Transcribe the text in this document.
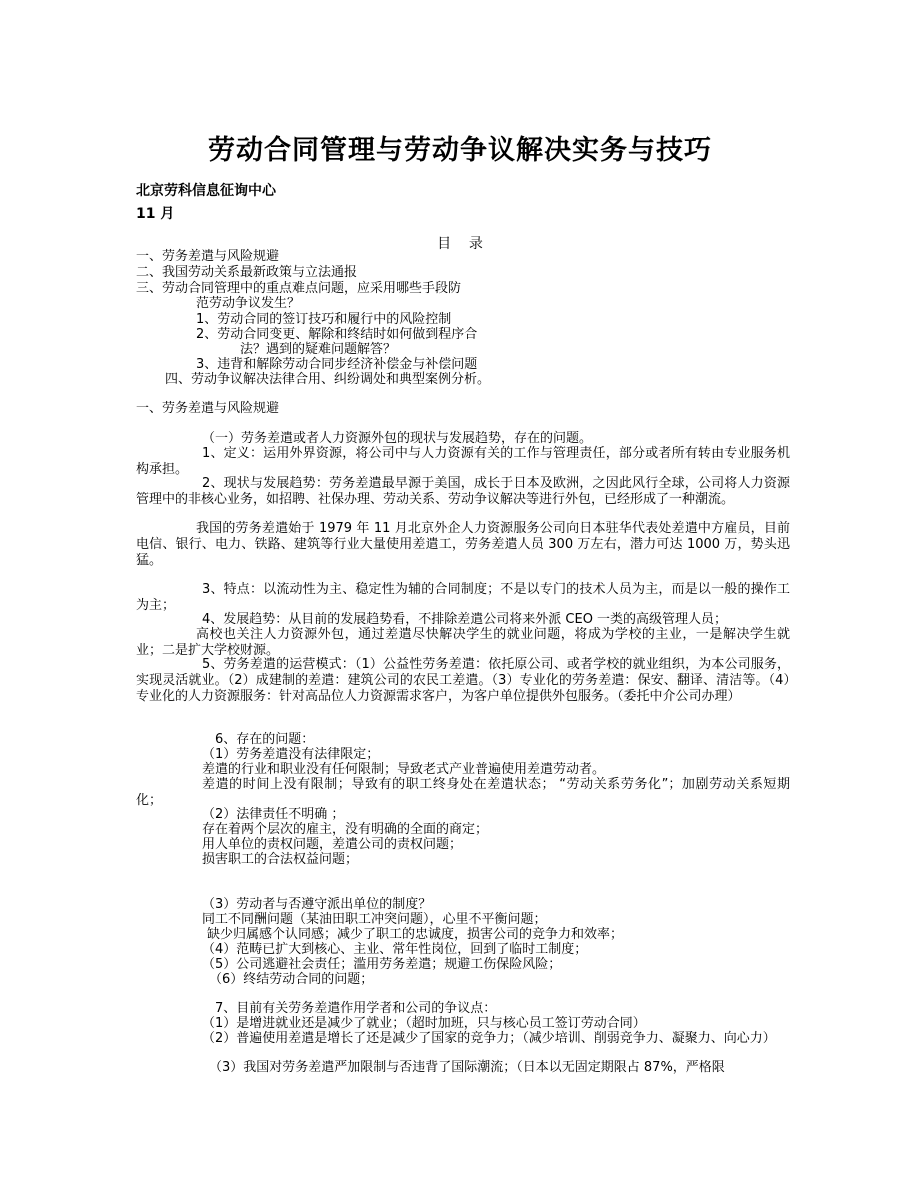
劳动合同管理与劳动争议解决实务与技巧
北京劳科信息征询中心
11 月
目    录
一、劳务差遣与风险规避
二、我国劳动关系最新政策与立法通报
三、劳动合同管理中的重点难点问题，应采用哪些手段防
范劳动争议发生？
1、劳动合同的签订技巧和履行中的风险控制
2、劳动合同变更、解除和终结时如何做到程序合
法？遇到的疑难问题解答？
3、违背和解除劳动合同步经济补偿金与补偿问题
四、劳动争议解决法律合用、纠纷调处和典型案例分析。
一、劳务差遣与风险规避
（一）劳务差遣或者人力资源外包的现状与发展趋势，存在的问题。
1、定义：运用外界资源，将公司中与人力资源有关的工作与管理责任，部分或者所有转由专业服务机构承担。
2、现状与发展趋势：劳务差遣最早源于美国，成长于日本及欧洲，之因此风行全球，公司将人力资源管理中的非核心业务，如招聘、社保办理、劳动关系、劳动争议解决等进行外包，已经形成了一种潮流。
我国的劳务差遣始于 1979 年 11 月北京外企人力资源服务公司向日本驻华代表处差遣中方雇员，目前电信、银行、电力、铁路、建筑等行业大量使用差遣工，劳务差遣人员 300 万左右，潜力可达 1000 万，势头迅猛。
3、特点：以流动性为主、稳定性为辅的合同制度；不是以专门的技术人员为主，而是以一般的操作工为主；
4、发展趋势：从目前的发展趋势看，不排除差遣公司将来外派 CEO 一类的高级管理人员；
高校也关注人力资源外包，通过差遣尽快解决学生的就业问题，将成为学校的主业，一是解决学生就业；二是扩大学校财源。
5、劳务差遣的运营模式：（1）公益性劳务差遣：依托原公司、或者学校的就业组织，为本公司服务，实现灵活就业。（2）成建制的差遣：建筑公司的农民工差遣。（3）专业化的劳务差遣：保安、翻译、清洁等。（4）专业化的人力资源服务：针对高品位人力资源需求客户，为客户单位提供外包服务。（委托中介公司办理）
6、存在的问题：
（1）劳务差遣没有法律限定；
差遣的行业和职业没有任何限制；导致老式产业普遍使用差遣劳动者。
差遣的时间上没有限制；导致有的职工终身处在差遣状态； “劳动关系劳务化”；加剧劳动关系短期化；
（2）法律责任不明确 ；
存在着两个层次的雇主，没有明确的全面的商定；
用人单位的责权问题，差遣公司的责权问题；
损害职工的合法权益问题；
（3）劳动者与否遵守派出单位的制度？
同工不同酬问题（某油田职工冲突问题），心里不平衡问题；
缺少归属感个认同感；减少了职工的忠诚度，损害公司的竞争力和效率；
（4）范畴已扩大到核心、主业、常年性岗位，回到了临时工制度；
（5）公司逃避社会责任；滥用劳务差遣；规避工伤保险风险；
（6）终结劳动合同的问题；
7、目前有关劳务差遣作用学者和公司的争议点：
（1）是增进就业还是减少了就业；（超时加班，只与核心员工签订劳动合同）
（2）普遍使用差遣是增长了还是减少了国家的竞争力；（减少培训、削弱竞争力、凝聚力、向心力）
（3）我国对劳务差遣严加限制与否违背了国际潮流；（日本以无固定期限占 87%，严格限
